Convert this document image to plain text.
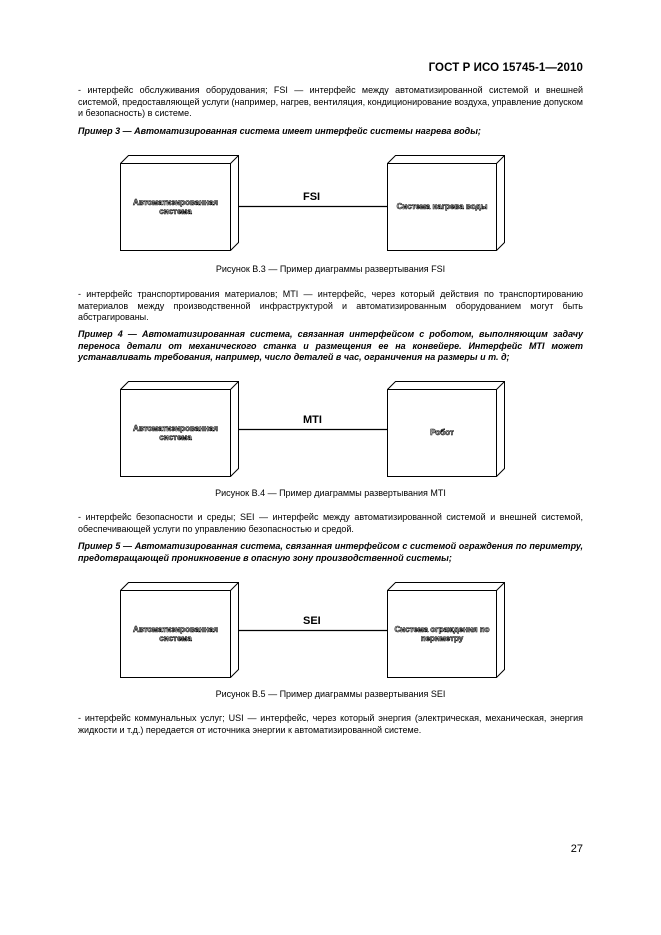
ГОСТ Р ИСО 15745-1—2010

- интерфейс обслуживания оборудования; FSI — интерфейс между автоматизированной системой и внешней системой, предоставляющей услуги (например, нагрев, вентиляция, кондиционирование воздуха, управление допуском и безопасность) в системе.

Пример 3 — Автоматизированная система имеет интерфейс системы нагрева воды;

Автоматизированная система
FSI
Система нагрева воды
Рисунок B.3 — Пример диаграммы развертывания FSI

- интерфейс транспортирования материалов; MTI — интерфейс, через который действия по транспортированию материалов между производственной инфраструктурой и автоматизированным оборудованием могут быть абстрагированы.

Пример 4 — Автоматизированная система, связанная интерфейсом с роботом, выполняющим задачу переноса детали от механического станка и размещения ее на конвейере. Интерфейс MTI может устанавливать требования, например, число деталей в час, ограничения на размеры и т. д;

Автоматизированная система
MTI
Робот
Рисунок B.4 — Пример диаграммы развертывания MTI

- интерфейс безопасности и среды; SEI — интерфейс между автоматизированной системой и внешней системой, обеспечивающей услуги по управлению безопасностью и средой.

Пример 5 — Автоматизированная система, связанная интерфейсом с системой ограждения по периметру, предотвращающей проникновение в опасную зону производственной системы;

Автоматизированная система
SEI
Система ограждения по периметру
Рисунок B.5 — Пример диаграммы развертывания SEI

- интерфейс коммунальных услуг; USI — интерфейс, через который энергия (электрическая, механическая, энергия жидкости и т.д.) передается от источника энергии к автоматизированной системе.

27
